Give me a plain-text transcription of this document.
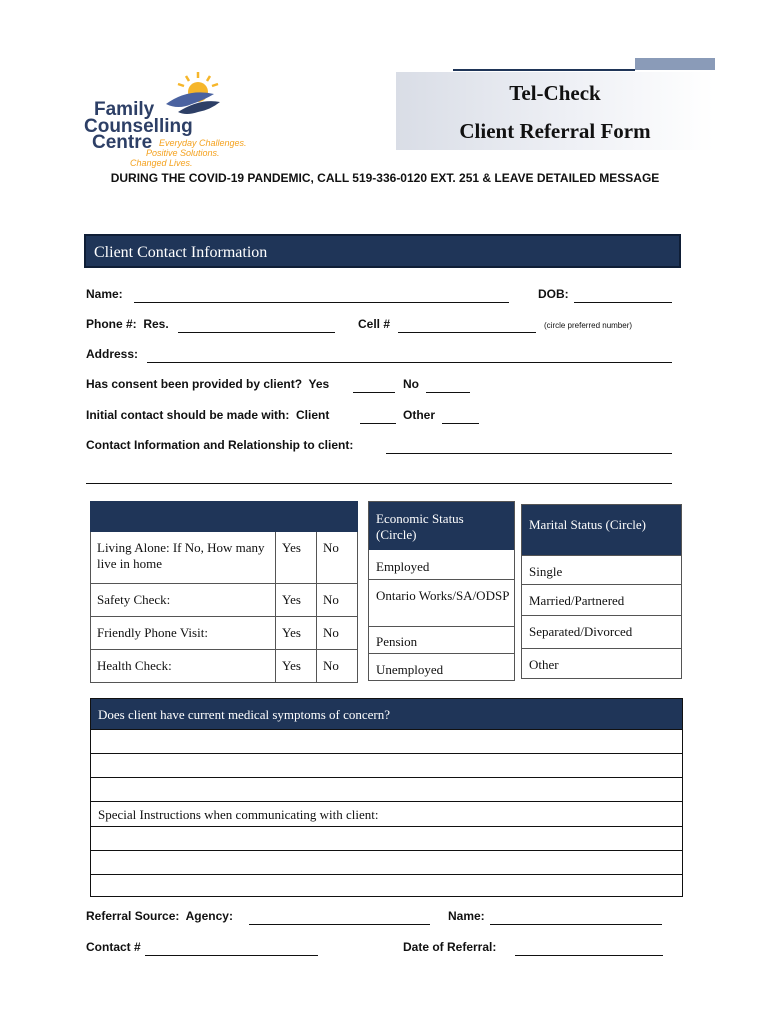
Family
Counselling
Centre Everyday Challenges.
Positive Solutions.
Changed Lives.
Tel-Check
Client Referral Form
DURING THE COVID-19 PANDEMIC, CALL 519-336-0120 EXT. 251 & LEAVE DETAILED MESSAGE
Client Contact Information
Name:	DOB:
Phone #:  Res.	Cell #	(circle preferred number)
Address:
Has consent been provided by client?  Yes	No
Initial contact should be made with:  Client	Other
Contact Information and Relationship to client:

Living Alone: If No, How many live in home	Yes	No
Safety Check:	Yes	No
Friendly Phone Visit:	Yes	No
Health Check:	Yes	No
Economic Status (Circle)
Employed
Ontario Works/SA/ODSP
Pension
Unemployed
Marital Status (Circle)
Single
Married/Partnered
Separated/Divorced
Other
Does client have current medical symptoms of concern?
Special Instructions when communicating with client:
Referral Source:  Agency:	Name:
Contact #	Date of Referral:
